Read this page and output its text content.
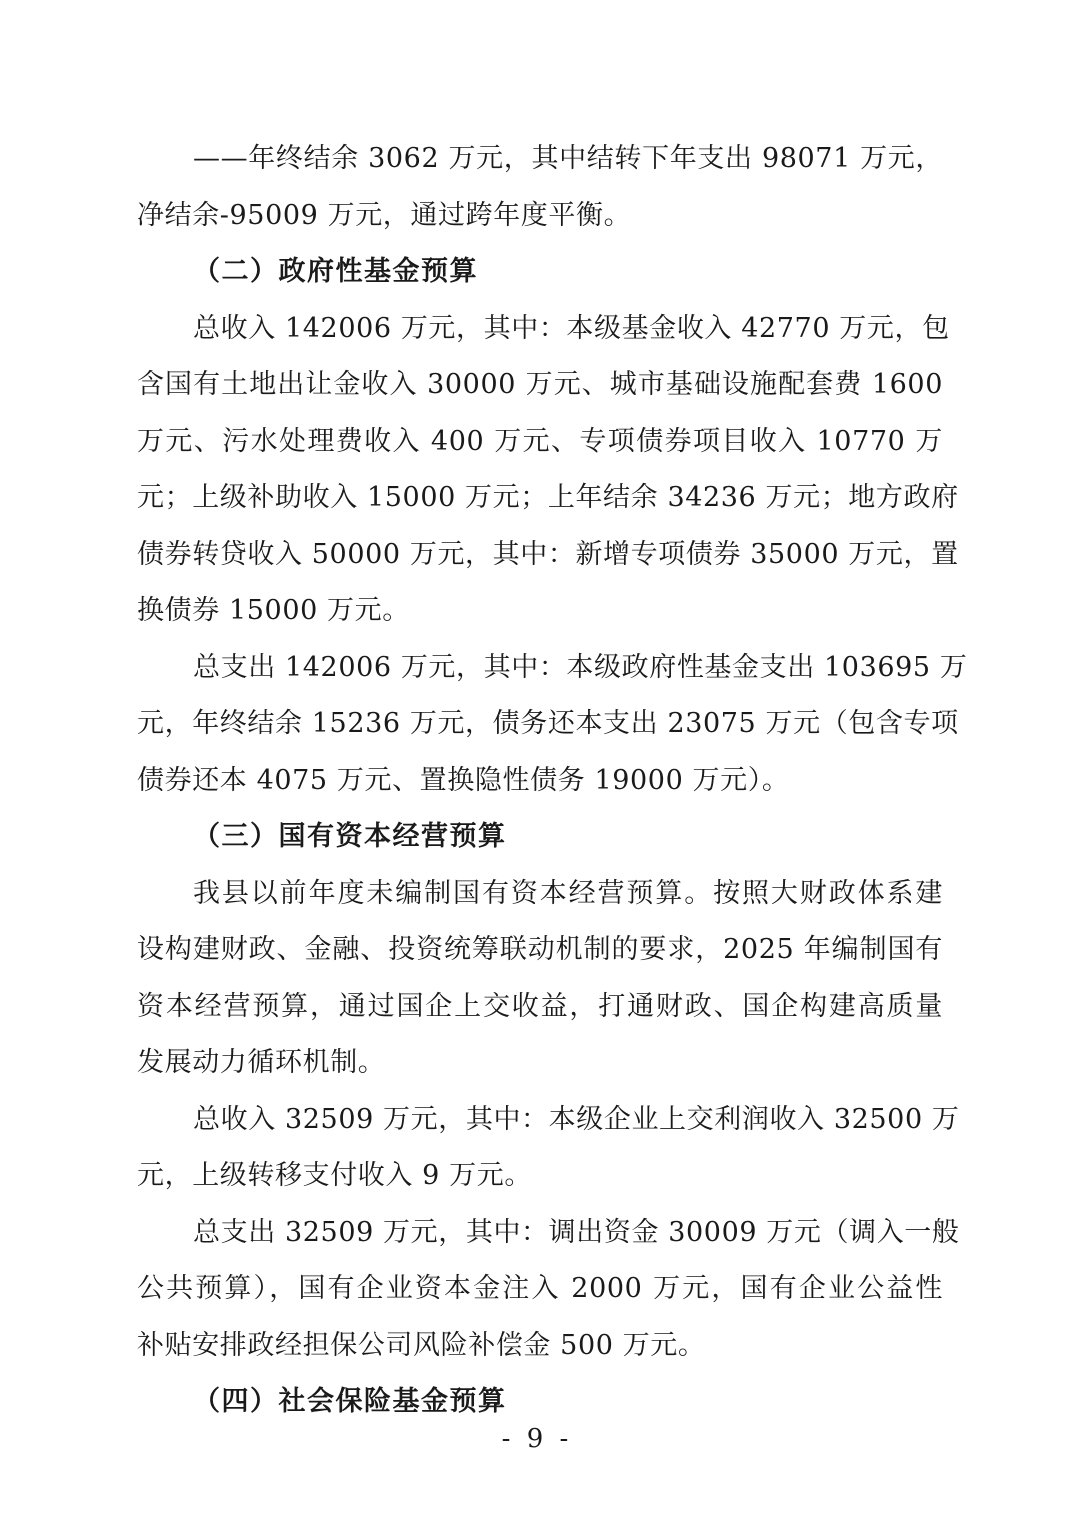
——年终结余 3062 万元，其中结转下年支出 98071 万元，
净结余-95009 万元，通过跨年度平衡。
（二）政府性基金预算
总收入 142006 万元，其中：本级基金收入 42770 万元，包
含国有土地出让金收入 30000 万元、城市基础设施配套费 1600
万元、污水处理费收入 400 万元、专项债券项目收入 10770 万
元；上级补助收入 15000 万元；上年结余 34236 万元；地方政府
债券转贷收入 50000 万元，其中：新增专项债券 35000 万元，置
换债券 15000 万元。
总支出 142006 万元，其中：本级政府性基金支出 103695 万
元，年终结余 15236 万元，债务还本支出 23075 万元（包含专项
债券还本 4075 万元、置换隐性债务 19000 万元）。
（三）国有资本经营预算
我县以前年度未编制国有资本经营预算。按照大财政体系建
设构建财政、金融、投资统筹联动机制的要求，2025 年编制国有
资本经营预算，通过国企上交收益，打通财政、国企构建高质量
发展动力循环机制。
总收入 32509 万元，其中：本级企业上交利润收入 32500 万
元，上级转移支付收入 9 万元。
总支出 32509 万元，其中：调出资金 30009 万元（调入一般
公共预算），国有企业资本金注入 2000 万元，国有企业公益性
补贴安排政经担保公司风险补偿金 500 万元。
（四）社会保险基金预算
- 9 -
